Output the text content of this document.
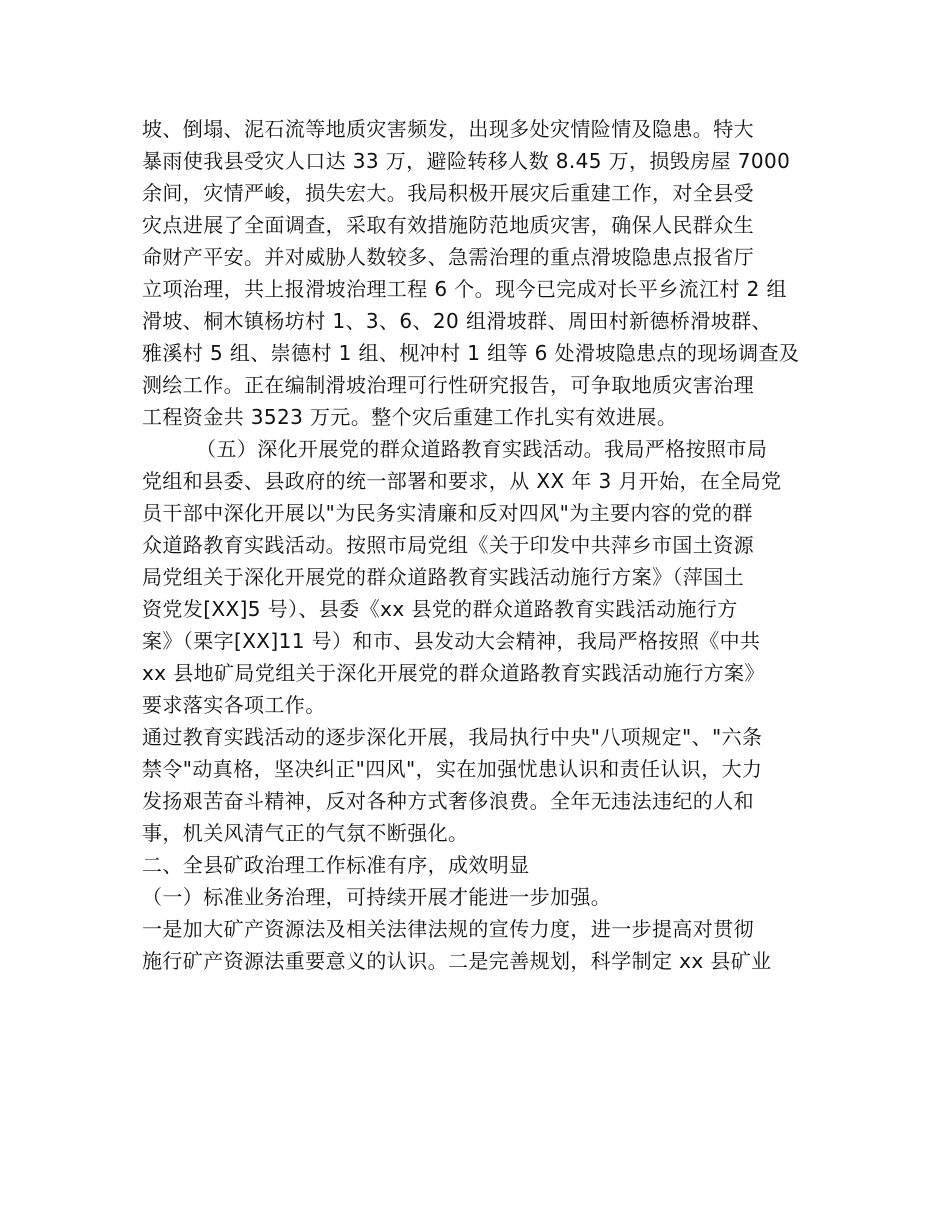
坡、倒塌、泥石流等地质灾害频发，出现多处灾情险情及隐患。特大
暴雨使我县受灾人口达 33 万，避险转移人数 8.45 万，损毁房屋 7000
余间，灾情严峻，损失宏大。我局积极开展灾后重建工作，对全县受
灾点进展了全面调查，采取有效措施防范地质灾害，确保人民群众生
命财产平安。并对威胁人数较多、急需治理的重点滑坡隐患点报省厅
立项治理，共上报滑坡治理工程 6 个。现今已完成对长平乡流江村 2 组
滑坡、桐木镇杨坊村 1、3、6、20 组滑坡群、周田村新德桥滑坡群、
雅溪村 5 组、崇德村 1 组、枧冲村 1 组等 6 处滑坡隐患点的现场调查及
测绘工作。正在编制滑坡治理可行性研究报告，可争取地质灾害治理
工程资金共 3523 万元。整个灾后重建工作扎实有效进展。
（五）深化开展党的群众道路教育实践活动。我局严格按照市局
党组和县委、县政府的统一部署和要求，从 XX 年 3 月开始，在全局党
员干部中深化开展以"为民务实清廉和反对四风"为主要内容的党的群
众道路教育实践活动。按照市局党组《关于印发中共萍乡市国土资源
局党组关于深化开展党的群众道路教育实践活动施行方案》（萍国土
资党发[XX]5 号）、县委《xx 县党的群众道路教育实践活动施行方
案》（栗字[XX]11 号）和市、县发动大会精神，我局严格按照《中共
xx 县地矿局党组关于深化开展党的群众道路教育实践活动施行方案》
要求落实各项工作。
通过教育实践活动的逐步深化开展，我局执行中央"八项规定"、"六条
禁令"动真格，坚决纠正"四风"，实在加强忧患认识和责任认识，大力
发扬艰苦奋斗精神，反对各种方式奢侈浪费。全年无违法违纪的人和
事，机关风清气正的气氛不断强化。
二、全县矿政治理工作标准有序，成效明显
（一）标准业务治理，可持续开展才能进一步加强。
一是加大矿产资源法及相关法律法规的宣传力度，进一步提高对贯彻
施行矿产资源法重要意义的认识。二是完善规划，科学制定 xx 县矿业
